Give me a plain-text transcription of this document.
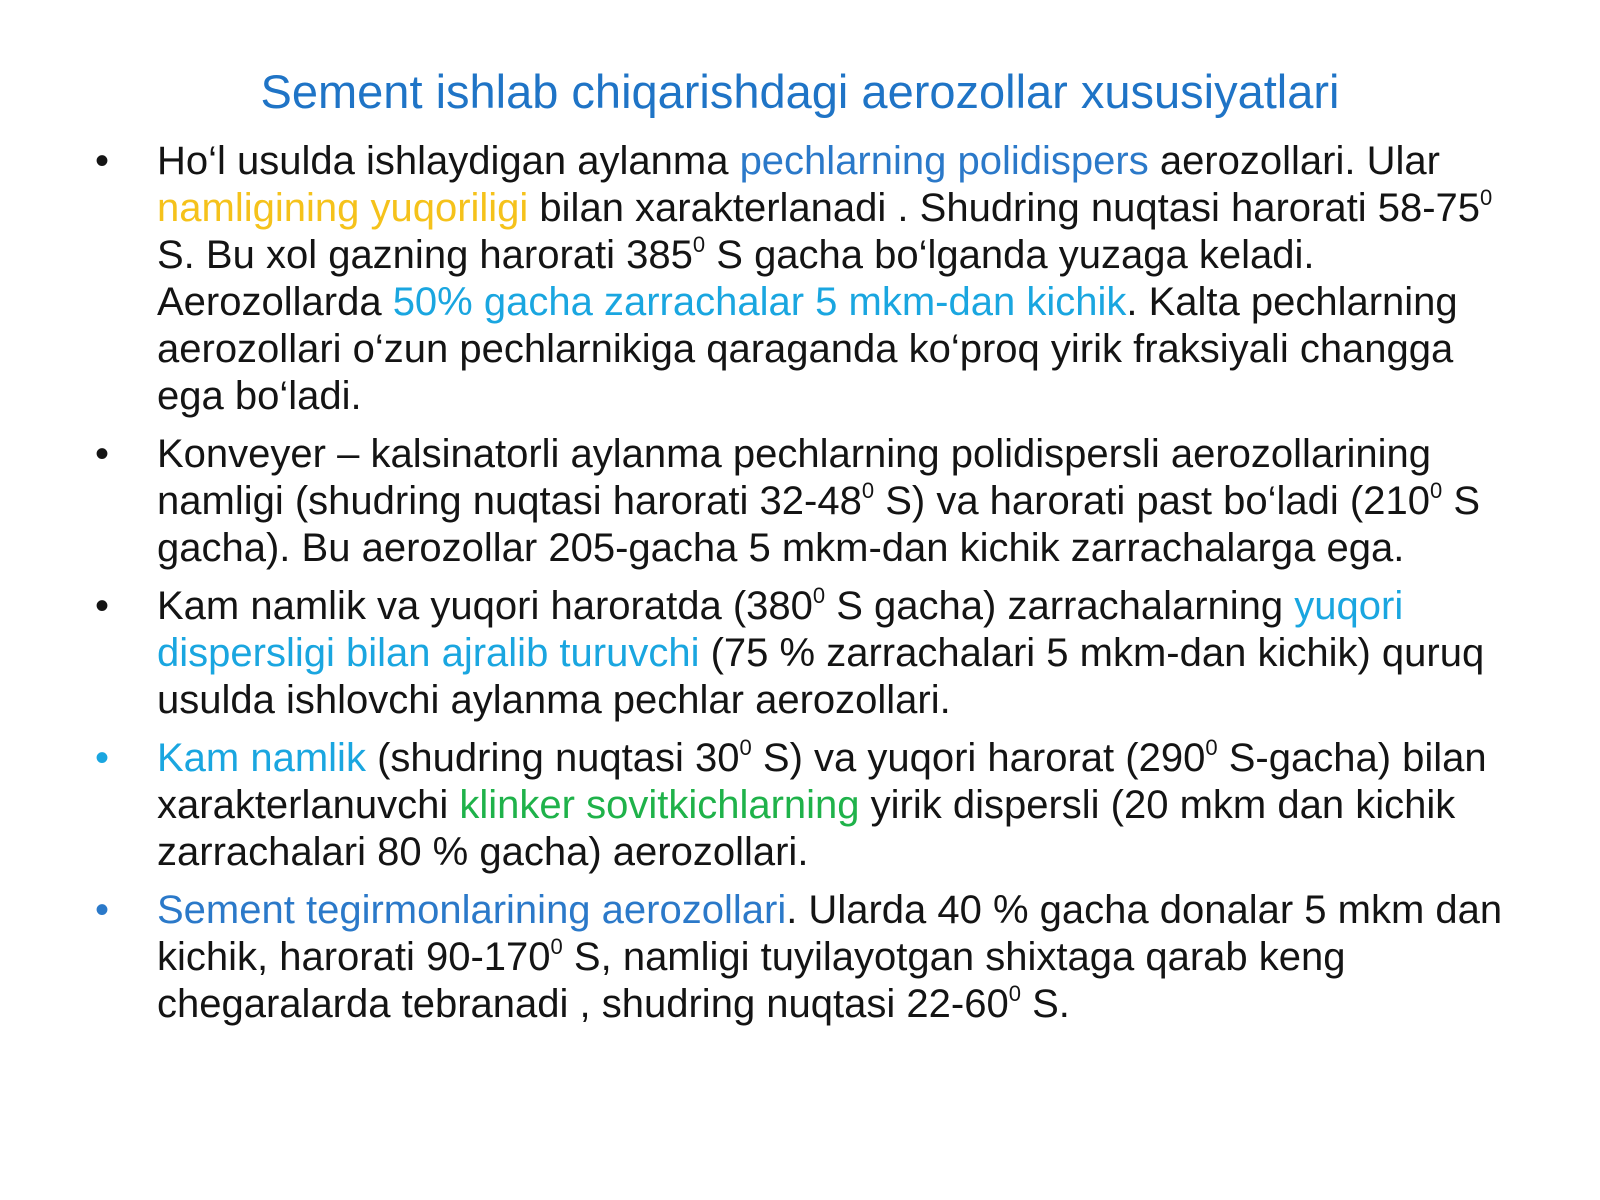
Sement ishlab chiqarishdagi aerozollar xususiyatlari
•	Ho‘l usulda ishlaydigan aylanma pechlarning polidispers aerozollari. Ular namligining yuqoriligi bilan xarakterlanadi . Shudring nuqtasi harorati $58-75^0$ S. Bu xol gazning harorati $385^0$ S gacha bo‘lganda yuzaga keladi. Aerozollarda 50% gacha zarrachalar 5 mkm-dan kichik. Kalta pechlarning aerozollari o‘zun pechlarnikiga qaraganda ko‘proq yirik fraksiyali changga ega bo‘ladi.
•	Konveyer – kalsinatorli aylanma pechlarning polidispersli aerozollarining namligi (shudring nuqtasi harorati $32-48^0$ S) va harorati past bo‘ladi ($210^0$ S gacha). Bu aerozollar 205-gacha 5 mkm-dan kichik zarrachalarga ega.
•	Kam namlik va yuqori haroratda ($380^0$ S gacha) zarrachalarning yuqori dispersligi bilan ajralib turuvchi (75 % zarrachalari 5 mkm-dan kichik) quruq usulda ishlovchi aylanma pechlar aerozollari.
•	Kam namlik (shudring nuqtasi $30^0$ S) va yuqori harorat ($290^0$ S-gacha) bilan xarakterlanuvchi klinker sovitkichlarning yirik dispersli (20 mkm dan kichik zarrachalari 80 % gacha) aerozollari.
•	Sement tegirmonlarining aerozollari. Ularda 40 % gacha donalar 5 mkm dan kichik, harorati $90-170^0$ S, namligi tuyilayotgan shixtaga qarab keng chegaralarda tebranadi , shudring nuqtasi $22-60^0$ S.
